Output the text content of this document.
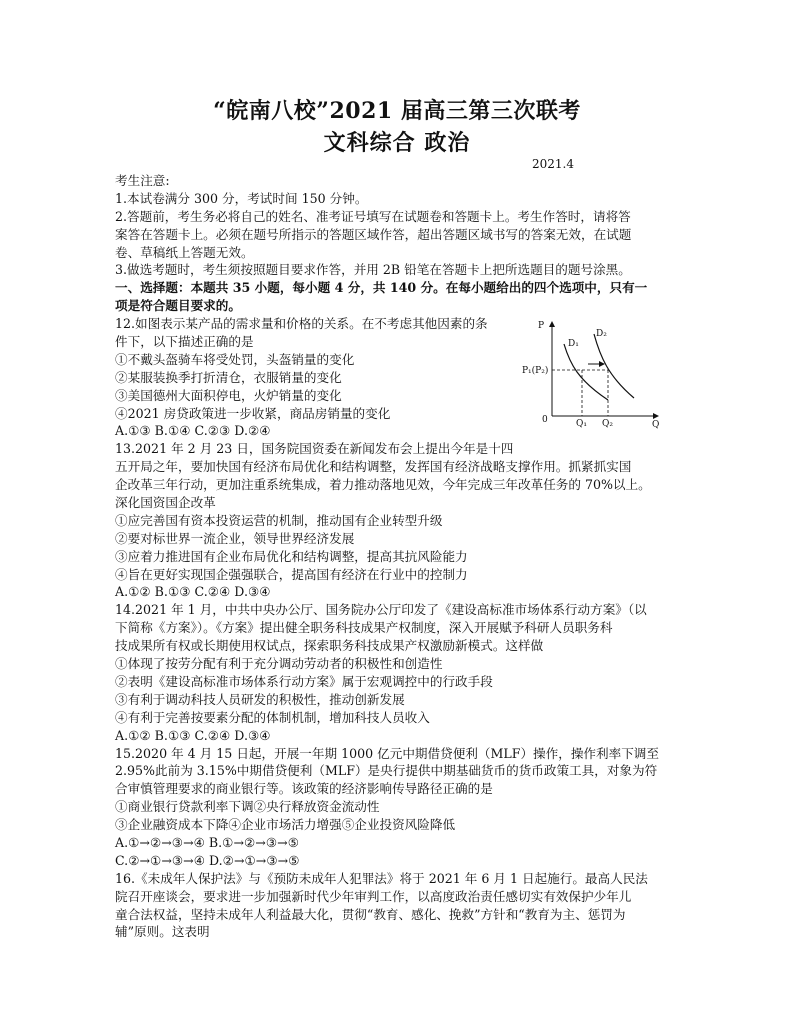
“皖南八校”2021 届高三第三次联考
文科综合 政治
2021.4
考生注意:
1.本试卷满分 300 分，考试时间 150 分钟。
2.答题前，考生务必将自己的姓名、准考证号填写在试题卷和答题卡上。考生作答时，请将答
案答在答题卡上。必须在题号所指示的答题区域作答，超出答题区域书写的答案无效，在试题
卷、草稿纸上答题无效。
3.做选考题时，考生须按照题目要求作答，并用 2B 铅笔在答题卡上把所选题目的题号涂黑。
一、选择题：本题共 35 小题，每小题 4 分，共 140 分。在每小题给出的四个选项中，只有一
项是符合题目要求的。
12.如图表示某产品的需求量和价格的关系。在不考虑其他因素的条
件下，以下描述正确的是
①不戴头盔骑车将受处罚，头盔销量的变化
②某服装换季打折清仓，衣服销量的变化
③美国德州大面积停电，火炉销量的变化
④2021 房贷政策进一步收紧，商品房销量的变化
A.①③ B.①④ C.②③ D.②④
13.2021 年 2 月 23 日，国务院国资委在新闻发布会上提出今年是十四
五开局之年，要加快国有经济布局优化和结构调整，发挥国有经济战略支撑作用。抓紧抓实国
企改革三年行动，更加注重系统集成，着力推动落地见效，今年完成三年改革任务的 70%以上。
深化国资国企改革
①应完善国有资本投资运营的机制，推动国有企业转型升级
②要对标世界一流企业，领导世界经济发展
③应着力推进国有企业布局优化和结构调整，提高其抗风险能力
④旨在更好实现国企强强联合，提高国有经济在行业中的控制力
A.①② B.①③ C.②④ D.③④
14.2021 年 1 月，中共中央办公厅、国务院办公厅印发了《建设高标准市场体系行动方案》（以
下简称《方案》）。《方案》提出健全职务科技成果产权制度，深入开展赋予科研人员职务科
技成果所有权或长期使用权试点，探索职务科技成果产权激励新模式。这样做
①体现了按劳分配有利于充分调动劳动者的积极性和创造性
②表明《建设高标准市场体系行动方案》属于宏观调控中的行政手段
③有利于调动科技人员研发的积极性，推动创新发展
④有利于完善按要素分配的体制机制，增加科技人员收入
A.①② B.①③ C.②④ D.③④
15.2020 年 4 月 15 日起，开展一年期 1000 亿元中期借贷便利（MLF）操作，操作利率下调至
2.95%此前为 3.15%中期借贷便利（MLF）是央行提供中期基础货币的货币政策工具，对象为符
合审慎管理要求的商业银行等。该政策的经济影响传导路径正确的是
①商业银行贷款利率下调②央行释放资金流动性
③企业融资成本下降④企业市场活力增强⑤企业投资风险降低
A.①→②→③→④ B.①→②→③→⑤
C.②→①→③→④ D.②→①→③→⑤
16.《未成年人保护法》与《预防未成年人犯罪法》将于 2021 年 6 月 1 日起施行。最高人民法
院召开座谈会，要求进一步加强新时代少年审判工作，以高度政治责任感切实有效保护少年儿
童合法权益，坚持未成年人利益最大化，贯彻“教育、感化、挽救”方针和“教育为主、惩罚为
辅”原则。这表明
P
Q
0
D₁
D₂
P₁(P₂)
Q₁ Q₂
